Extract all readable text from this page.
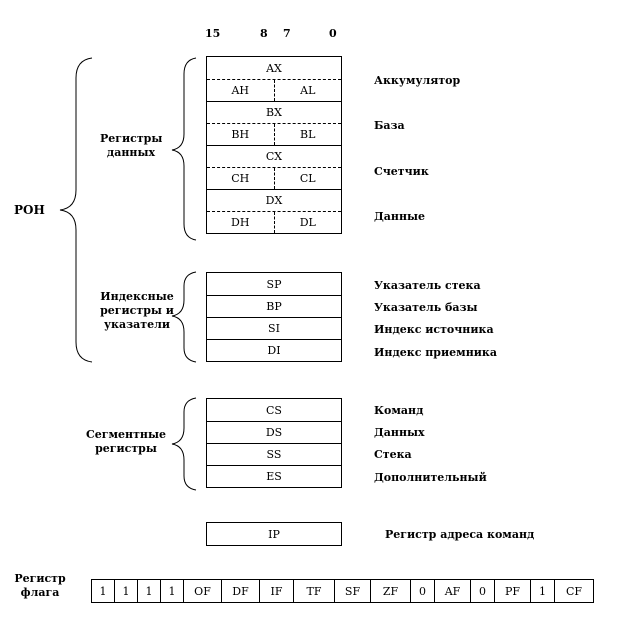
15	8 7	0
РОН
Регистры данных
AX
AH	AL
BX
BH	BL
CX
CH	CL
DX
DH	DL
Аккумулятор
База
Счетчик
Данные
Индексные регистры и указатели
SP
BP
SI
DI
Указатель стека
Указатель базы
Индекс источника
Индекс приемника
Сегментные регистры
CS
DS
SS
ES
Команд
Данных
Стека
Дополнительный
IP	Регистр адреса команд
Регистр флага	1	1	1	1	OF	DF	IF	TF	SF	ZF	0	AF	0	PF	1	CF
